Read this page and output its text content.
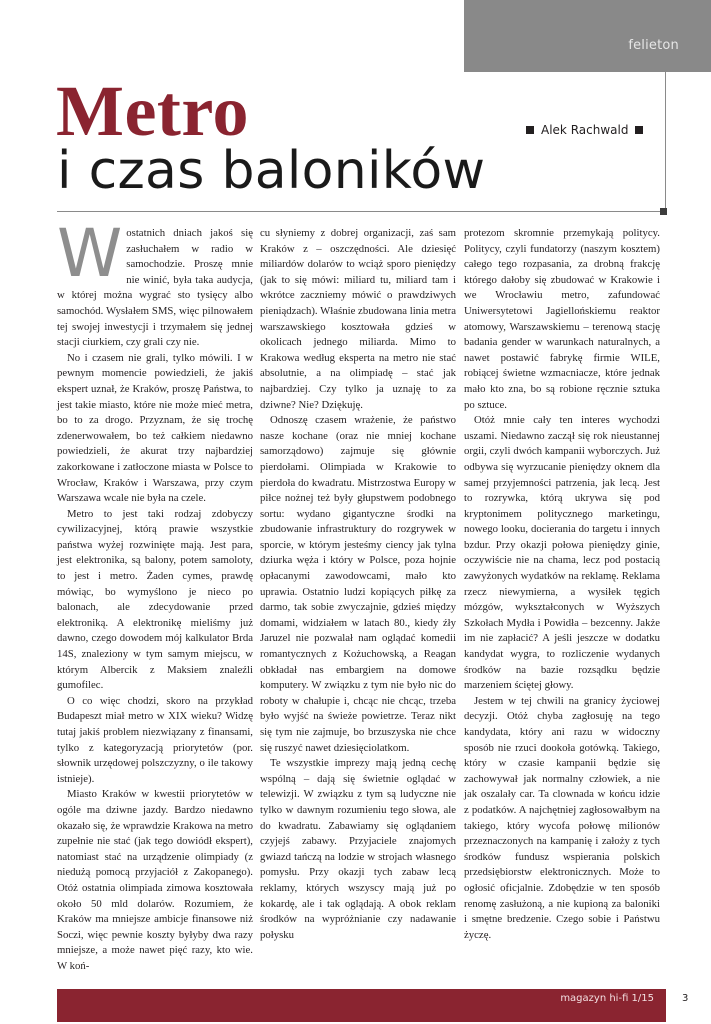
felieton
Metro
i czas baloników
Alek Rachwald
W ostatnich dniach jakoś się zasłuchałem w radio w samochodzie. Proszę mnie nie winić, była taka audycja, w której można wygrać sto tysięcy albo samochód. Wysłałem SMS, więc pilnowałem tej swojej inwestycji i trzymałem się jednej stacji ciurkiem, czy grali czy nie.

No i czasem nie grali, tylko mówili. I w pewnym momencie powiedzieli, że jakiś ekspert uznał, że Kraków, proszę Państwa, to jest takie miasto, które nie może mieć metra, bo to za drogo. Przyznam, że się trochę zdenerwowałem, bo też całkiem niedawno powiedzieli, że akurat trzy najbardziej zakorkowane i zatłoczone miasta w Polsce to Wrocław, Kraków i Warszawa, przy czym Warszawa wcale nie była na czele.

Metro to jest taki rodzaj zdobyczy cywilizacyjnej, którą prawie wszystkie państwa wyżej rozwinięte mają. Jest para, jest elektronika, są balony, potem samoloty, to jest i metro. Żaden cymes, prawdę mówiąc, bo wymyślono je nieco po balonach, ale zdecydowanie przed elektroniką. A elektronikę mieliśmy już dawno, czego dowodem mój kalkulator Brda 14S, znaleziony w tym samym miejscu, w którym Albercik z Maksiem znaleźli gumofilec.

O co więc chodzi, skoro na przykład Budapeszt miał metro w XIX wieku? Widzę tutaj jakiś problem niezwiązany z finansami, tylko z kategoryzacją priorytetów (por. słownik urzędowej polszczyzny, o ile takowy istnieje).

Miasto Kraków w kwestii priorytetów w ogóle ma dziwne jazdy. Bardzo niedawno okazało się, że wprawdzie Krakowa na metro zupełnie nie stać (jak tego dowiódł ekspert), natomiast stać na urządzenie olimpiady (z niedużą pomocą przyjaciół z Zakopanego). Otóż ostatnia olimpiada zimowa kosztowała około 50 mld dolarów. Rozumiem, że Kraków ma mniejsze ambicje finansowe niż Soczi, więc pewnie koszty byłyby dwa razy mniejsze, a może nawet pięć razy, kto wie. W koń-

cu słyniemy z dobrej organizacji, zaś sam Kraków z – oszczędności. Ale dziesięć miliardów dolarów to wciąż sporo pieniędzy (jak to się mówi: miliard tu, miliard tam i wkrótce zaczniemy mówić o prawdziwych pieniądzach). Właśnie zbudowana linia metra warszawskiego kosztowała gdzieś w okolicach jednego miliarda. Mimo to Krakowa według eksperta na metro nie stać absolutnie, a na olimpiadę – stać jak najbardziej. Czy tylko ja uznaję to za dziwne? Nie? Dziękuję.

Odnoszę czasem wrażenie, że państwo nasze kochane (oraz nie mniej kochane samorządowo) zajmuje się głównie pierdołami. Olimpiada w Krakowie to pierdoła do kwadratu. Mistrzostwa Europy w piłce nożnej też były głupstwem podobnego sortu: wydano gigantyczne środki na zbudowanie infrastruktury do rozgrywek w sporcie, w którym jesteśmy ciency jak tylna dziurka węża i który w Polsce, poza hojnie opłacanymi zawodowcami, mało kto uprawia. Ostatnio ludzi kopiących piłkę za darmo, tak sobie zwyczajnie, gdzieś między domami, widziałem w latach 80., kiedy źły Jaruzel nie pozwalał nam oglądać komedii romantycznych z Kożuchowską, a Reagan obkładał nas embargiem na domowe komputery. W związku z tym nie było nic do roboty w chałupie i, chcąc nie chcąc, trzeba było wyjść na świeże powietrze. Teraz nikt się tym nie zajmuje, bo brzuszyska nie chce się ruszyć nawet dziesięciolatkom.

Te wszystkie imprezy mają jedną cechę wspólną – dają się świetnie oglądać w telewizji. W związku z tym są ludyczne nie tylko w dawnym rozumieniu tego słowa, ale do kwadratu. Zabawiamy się oglądaniem czyjejś zabawy. Przyjaciele znajomych gwiazd tańczą na lodzie w strojach własnego pomysłu. Przy okazji tych zabaw lecą reklamy, których wszyscy mają już po kokardę, ale i tak oglądają. A obok reklam środków na wypróżnianie czy nadawanie połysku

protezom skromnie przemykają politycy. Politycy, czyli fundatorzy (naszym kosztem) całego tego rozpasania, za drobną frakcję którego dałoby się zbudować w Krakowie i we Wrocławiu metro, zafundować Uniwersytetowi Jagiellońskiemu reaktor atomowy, Warszawskiemu – terenową stację badania gender w warunkach naturalnych, a nawet postawić fabrykę firmie WILE, robiącej świetne wzmacniacze, które jednak mało kto zna, bo są robione ręcznie sztuka po sztuce.

Otóż mnie cały ten interes wychodzi uszami. Niedawno zaczął się rok nieustannej orgii, czyli dwóch kampanii wyborczych. Już odbywa się wyrzucanie pieniędzy oknem dla samej przyjemności patrzenia, jak lecą. Jest to rozrywka, którą ukrywa się pod kryptonimem politycznego marketingu, nowego looku, docierania do targetu i innych bzdur. Przy okazji połowa pieniędzy ginie, oczywiście nie na chama, lecz pod postacią zawyżonych wydatków na reklamę. Reklama rzecz niewymierna, a wysiłek tęgich mózgów, wykształconych w Wyższych Szkołach Mydła i Powidła – bezcenny. Jakże im nie zapłacić? A jeśli jeszcze w dodatku kandydat wygra, to rozliczenie wydanych środków na bazie rozsądku będzie marzeniem ściętej głowy.

Jestem w tej chwili na granicy życiowej decyzji. Otóż chyba zagłosuję na tego kandydata, który ani razu w widoczny sposób nie rzuci dookoła gotówką. Takiego, który w czasie kampanii będzie się zachowywał jak normalny człowiek, a nie jak oszalały car. Ta clownada w końcu idzie z podatków. A najchętniej zagłosowałbym na takiego, który wycofa połowę milionów przeznaczonych na kampanię i założy z tych środków fundusz wspierania polskich przedsiębiorstw elektronicznych. Może to ogłosić oficjalnie. Zdobędzie w ten sposób renomę zasłużoną, a nie kupioną za baloniki i smętne bredzenie. Czego sobie i Państwu życzę.

magazyn hi-fi 1/15	3
